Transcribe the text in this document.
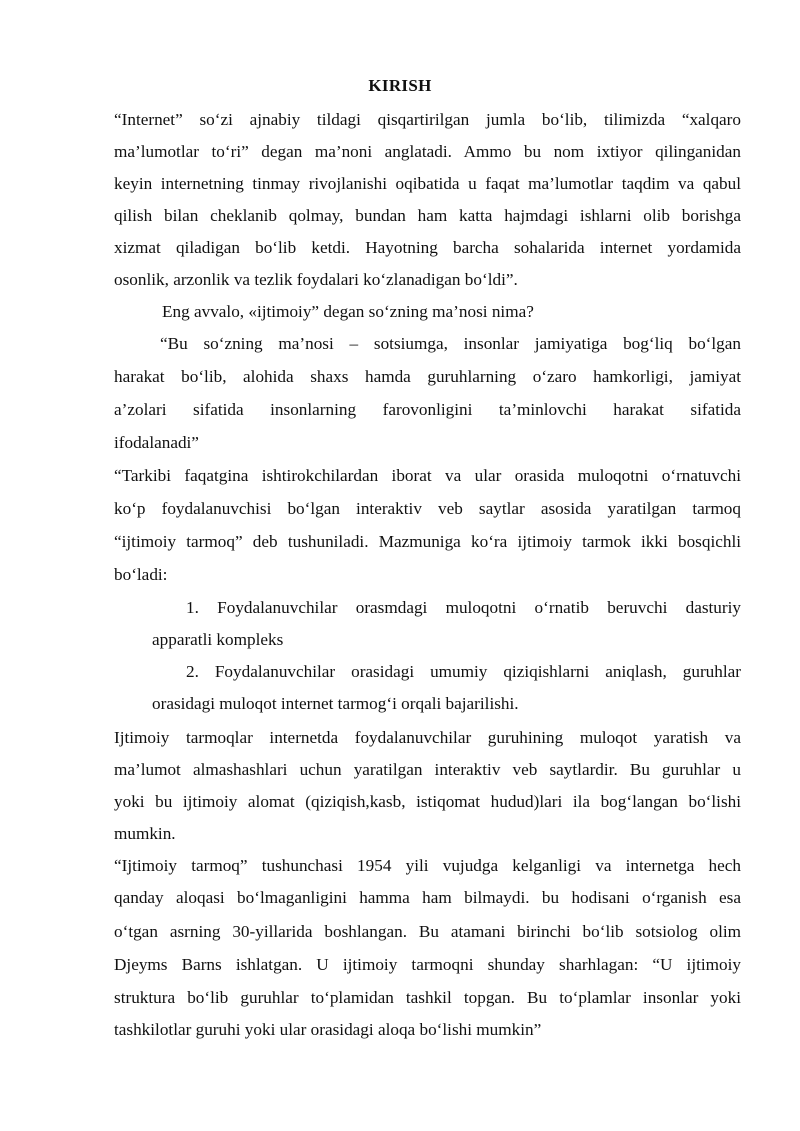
KIRISH
“Internet” so‘zi ajnabiy tildagi qisqartirilgan jumla bo‘lib, tilimizda “xalqaro
ma’lumotlar to‘ri” degan ma’noni anglatadi. Ammo bu nom ixtiyor qilinganidan
keyin internetning tinmay rivojlanishi oqibatida u faqat ma’lumotlar taqdim va qabul
qilish bilan cheklanib qolmay, bundan ham katta hajmdagi ishlarni olib borishga
xizmat qiladigan bo‘lib ketdi. Hayotning barcha sohalarida internet yordamida
osonlik, arzonlik va tezlik foydalari ko‘zlanadigan bo‘ldi”.
Eng avvalo, «ijtimoiy” degan so‘zning ma’nosi nima?
“Bu so‘zning ma’nosi – sotsiumga, insonlar jamiyatiga bog‘liq bo‘lgan
harakat bo‘lib, alohida shaxs hamda guruhlarning o‘zaro hamkorligi, jamiyat
a’zolari sifatida insonlarning farovonligini ta’minlovchi harakat sifatida
ifodalanadi”
“Tarkibi faqatgina ishtirokchilardan iborat va ular orasida muloqotni o‘rnatuvchi
ko‘p foydalanuvchisi bo‘lgan interaktiv veb saytlar asosida yaratilgan tarmoq
“ijtimoiy tarmoq” deb tushuniladi. Mazmuniga ko‘ra ijtimoiy tarmok ikki bosqichli
bo‘ladi:
1. Foydalanuvchilar orasmdagi muloqotni o‘rnatib beruvchi dasturiy
apparatli kompleks
2. Foydalanuvchilar orasidagi umumiy qiziqishlarni aniqlash, guruhlar
orasidagi muloqot internet tarmog‘i orqali bajarilishi.
Ijtimoiy tarmoqlar internetda foydalanuvchilar guruhining muloqot yaratish va
ma’lumot almashashlari uchun yaratilgan interaktiv veb saytlardir. Bu guruhlar u
yoki bu ijtimoiy alomat (qiziqish,kasb, istiqomat hudud)lari ila bog‘langan bo‘lishi
mumkin.
“Ijtimoiy tarmoq” tushunchasi 1954 yili vujudga kelganligi va internetga hech
qanday aloqasi bo‘lmaganligini hamma ham bilmaydi. bu hodisani o‘rganish esa
o‘tgan asrning 30-yillarida boshlangan. Bu atamani birinchi bo‘lib sotsiolog olim
Djeyms Barns ishlatgan. U ijtimoiy tarmoqni shunday sharhlagan: “U ijtimoiy
struktura bo‘lib guruhlar to‘plamidan tashkil topgan. Bu to‘plamlar insonlar yoki
tashkilotlar guruhi yoki ular orasidagi aloqa bo‘lishi mumkin”
